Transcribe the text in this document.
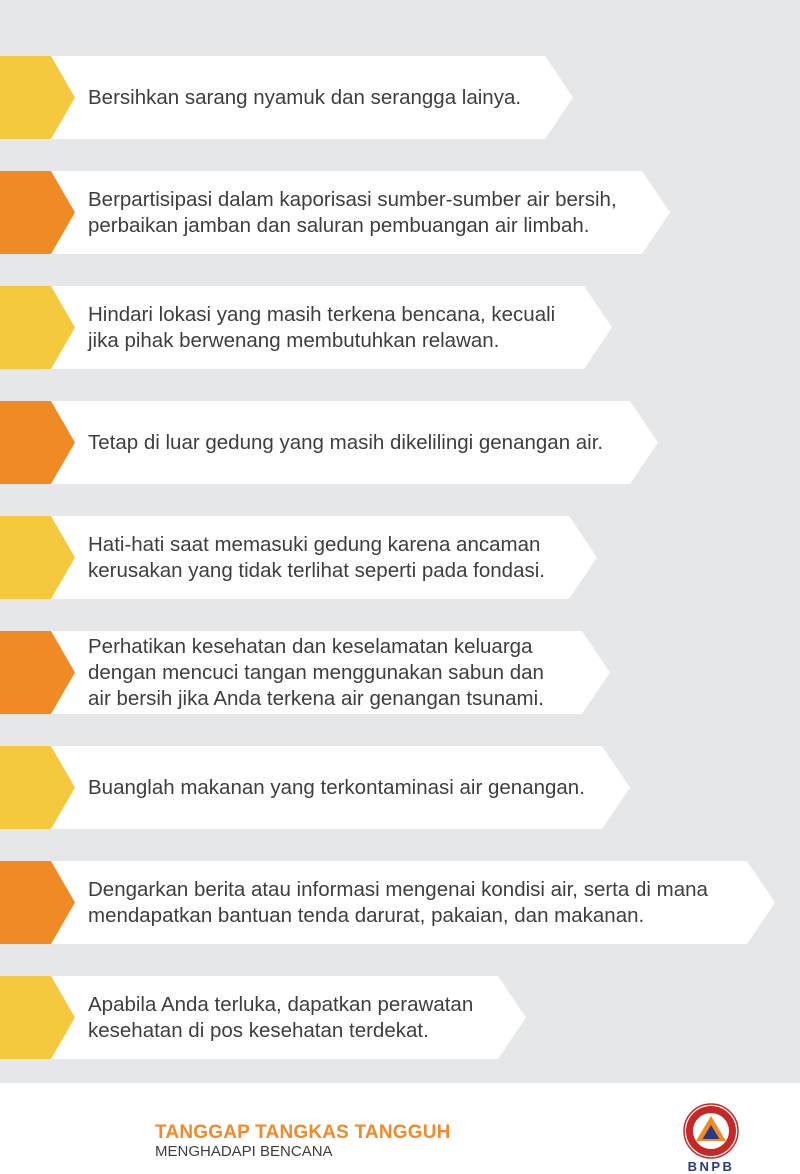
Bersihkan sarang nyamuk dan serangga lainya.
Berpartisipasi dalam kaporisasi sumber-sumber air bersih,
perbaikan jamban dan saluran pembuangan air limbah.
Hindari lokasi yang masih terkena bencana, kecuali
jika pihak berwenang membutuhkan relawan.
Tetap di luar gedung yang masih dikelilingi genangan air.
Hati-hati saat memasuki gedung karena ancaman
kerusakan yang tidak terlihat seperti pada fondasi.
Perhatikan kesehatan dan keselamatan keluarga
dengan mencuci tangan menggunakan sabun dan
air bersih jika Anda terkena air genangan tsunami.
Buanglah makanan yang terkontaminasi air genangan.
Dengarkan berita atau informasi mengenai kondisi air, serta di mana
mendapatkan bantuan tenda darurat, pakaian, dan makanan.
Apabila Anda terluka, dapatkan perawatan
kesehatan di pos kesehatan terdekat.
TANGGAP TANGKAS TANGGUH
MENGHADAPI BENCANA
BNPB
